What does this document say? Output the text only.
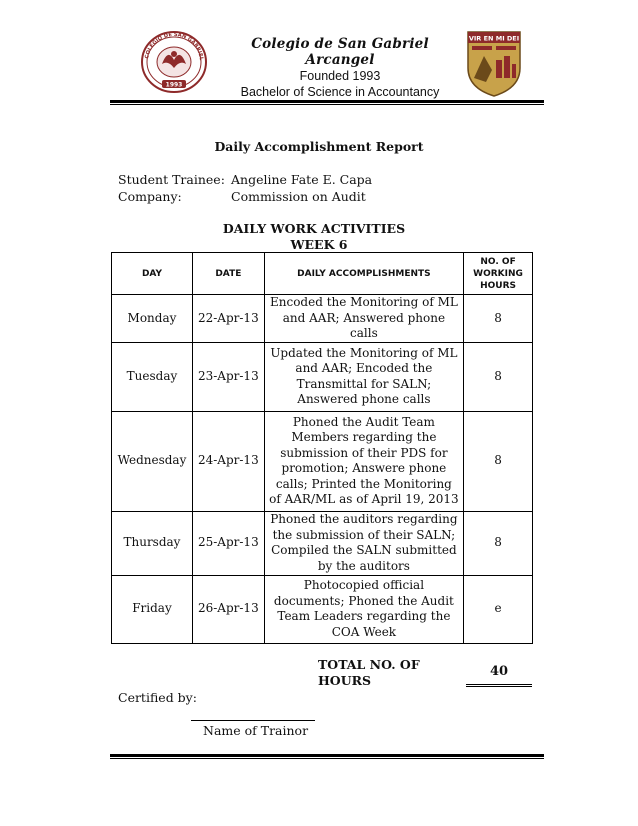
COLEGIO DE SAN GABRIEL
1993
Colegio de San Gabriel Arcangel
Founded 1993
Bachelor of Science in Accountancy
VIR EN MI DEI
Daily Accomplishment Report
Student Trainee: Angeline Fate E. Capa
Company:	Commission on Audit
DAILY WORK ACTIVITIES
WEEK 6
DAY	DATE	DAILY ACCOMPLISHMENTS	NO. OF WORKING HOURS
Monday	22-Apr-13	Encoded the Monitoring of ML and AAR; Answered phone calls	8
Tuesday	23-Apr-13	Updated the Monitoring of ML and AAR; Encoded the Transmittal for SALN; Answered phone calls	8
Wednesday	24-Apr-13	Phoned the Audit Team Members regarding the submission of their PDS for promotion; Answere phone calls; Printed the Monitoring of AAR/ML as of April 19, 2013	8
Thursday	25-Apr-13	Phoned the auditors regarding the submission of their SALN; Compiled the SALN submitted by the auditors	8
Friday	26-Apr-13	Photocopied official documents; Phoned the Audit Team Leaders regarding the COA Week	e
TOTAL NO. OF HOURS
40
Certified by:
Name of Trainor
